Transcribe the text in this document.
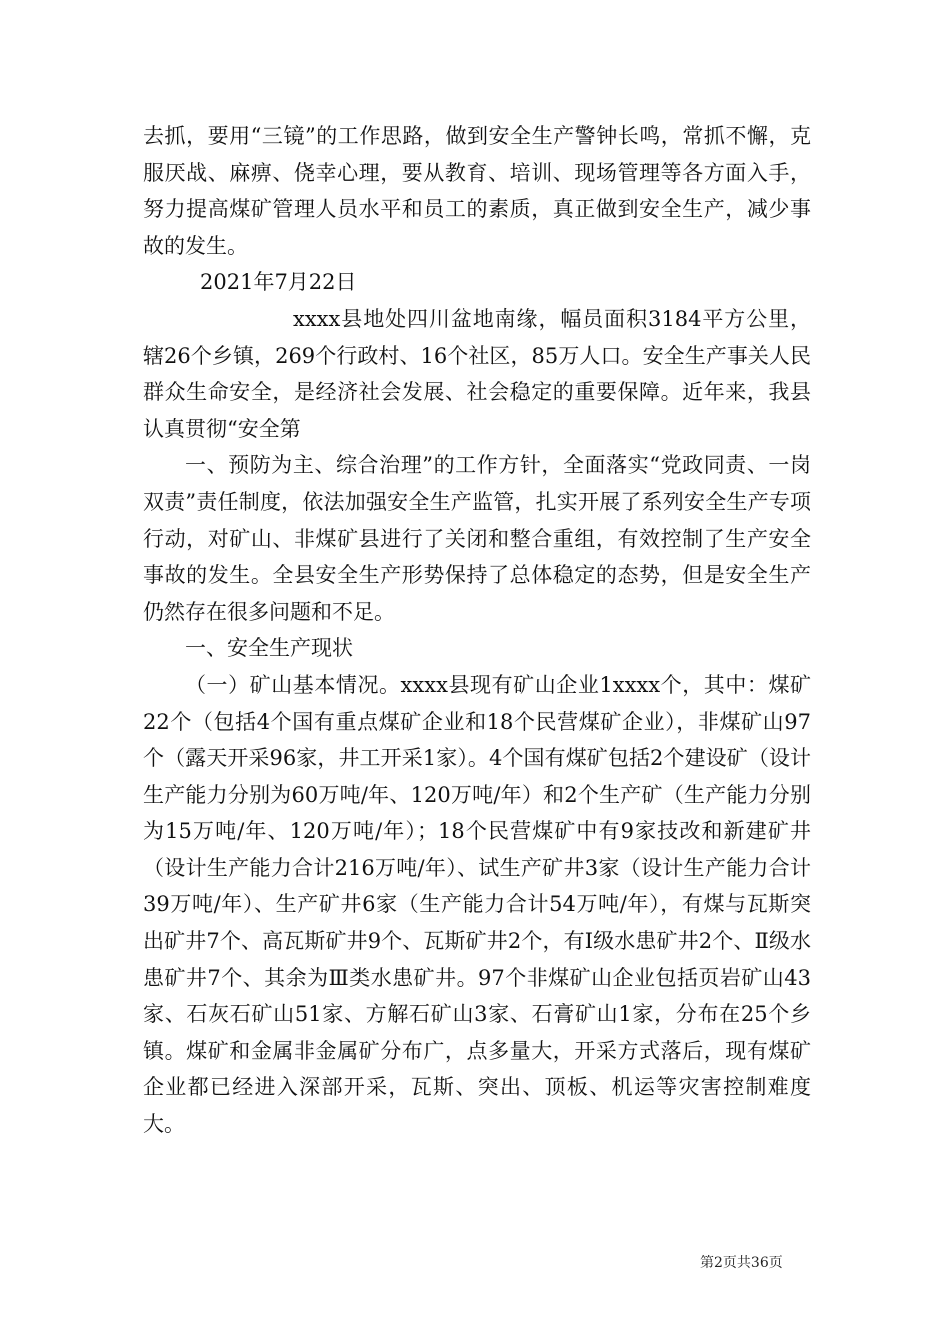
去抓，要用“三镜”的工作思路，做到安全生产警钟长鸣，常抓不懈，克服厌战、麻痹、侥幸心理，要从教育、培训、现场管理等各方面入手，努力提高煤矿管理人员水平和员工的素质，真正做到安全生产，减少事故的发生。

2021年7月22日

xxxx县地处四川盆地南缘，幅员面积3184平方公里，辖26个乡镇，269个行政村、16个社区，85万人口。安全生产事关人民群众生命安全，是经济社会发展、社会稳定的重要保障。近年来，我县认真贯彻“安全第

一、预防为主、综合治理”的工作方针，全面落实“党政同责、一岗双责”责任制度，依法加强安全生产监管，扎实开展了系列安全生产专项行动，对矿山、非煤矿县进行了关闭和整合重组，有效控制了生产安全事故的发生。全县安全生产形势保持了总体稳定的态势，但是安全生产仍然存在很多问题和不足。

一、安全生产现状

（一）矿山基本情况。xxxx县现有矿山企业1xxxx个，其中：煤矿22个（包括4个国有重点煤矿企业和18个民营煤矿企业），非煤矿山97个（露天开采96家，井工开采1家）。4个国有煤矿包括2个建设矿（设计生产能力分别为60万吨/年、120万吨/年）和2个生产矿（生产能力分别为15万吨/年、120万吨/年）；18个民营煤矿中有9家技改和新建矿井（设计生产能力合计216万吨/年）、试生产矿井3家（设计生产能力合计39万吨/年）、生产矿井6家（生产能力合计54万吨/年），有煤与瓦斯突出矿井7个、高瓦斯矿井9个、瓦斯矿井2个，有Ⅰ级水患矿井2个、Ⅱ级水患矿井7个、其余为Ⅲ类水患矿井。97个非煤矿山企业包括页岩矿山43家、石灰石矿山51家、方解石矿山3家、石膏矿山1家，分布在25个乡镇。煤矿和金属非金属矿分布广，点多量大，开采方式落后，现有煤矿企业都已经进入深部开采，瓦斯、突出、顶板、机运等灾害控制难度大。

第2页共36页
